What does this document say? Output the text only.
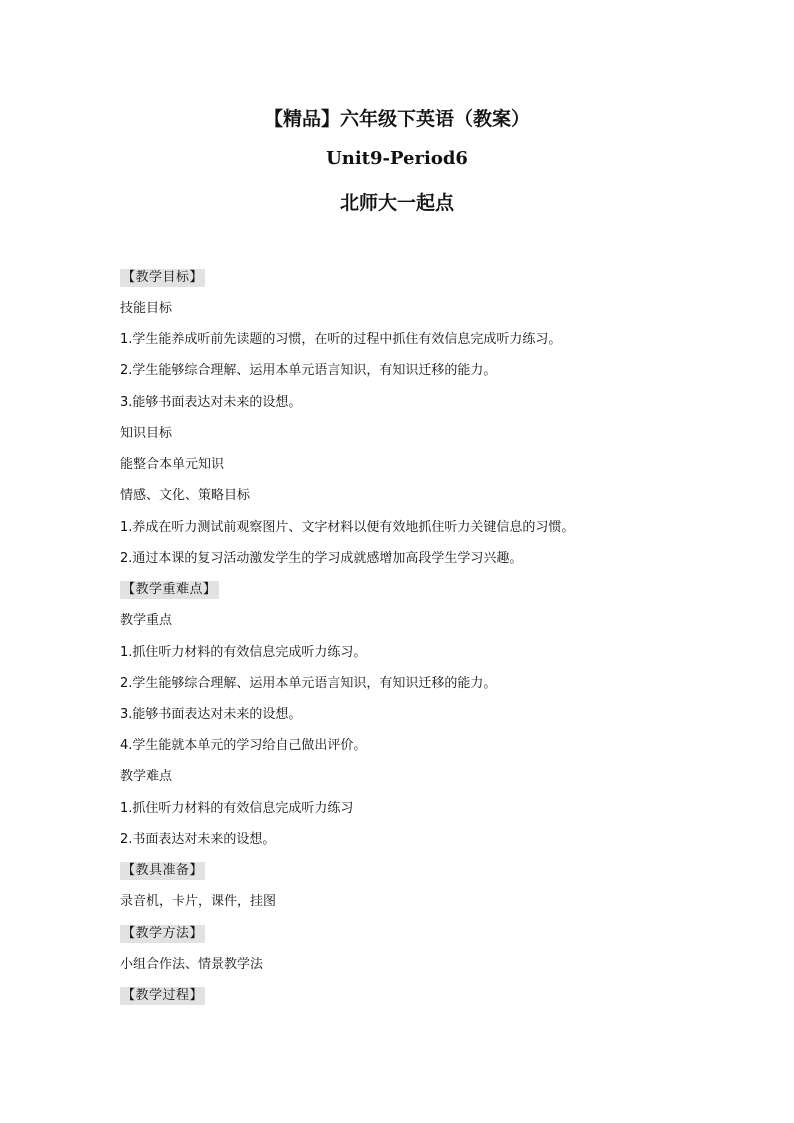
【精品】六年级下英语（教案）
Unit9-Period6
北师大一起点
【教学目标】
技能目标
1.学生能养成听前先读题的习惯，在听的过程中抓住有效信息完成听力练习。
2.学生能够综合理解、运用本单元语言知识，有知识迁移的能力。
3.能够书面表达对未来的设想。
知识目标
能整合本单元知识
情感、文化、策略目标
1.养成在听力测试前观察图片、文字材料以便有效地抓住听力关键信息的习惯。
2.通过本课的复习活动激发学生的学习成就感增加高段学生学习兴趣。
【教学重难点】
教学重点
1.抓住听力材料的有效信息完成听力练习。
2.学生能够综合理解、运用本单元语言知识，有知识迁移的能力。
3.能够书面表达对未来的设想。
4.学生能就本单元的学习给自己做出评价。
教学难点
1.抓住听力材料的有效信息完成听力练习
2.书面表达对未来的设想。
【教具准备】
录音机，卡片，课件，挂图
【教学方法】
小组合作法、情景教学法
【教学过程】
